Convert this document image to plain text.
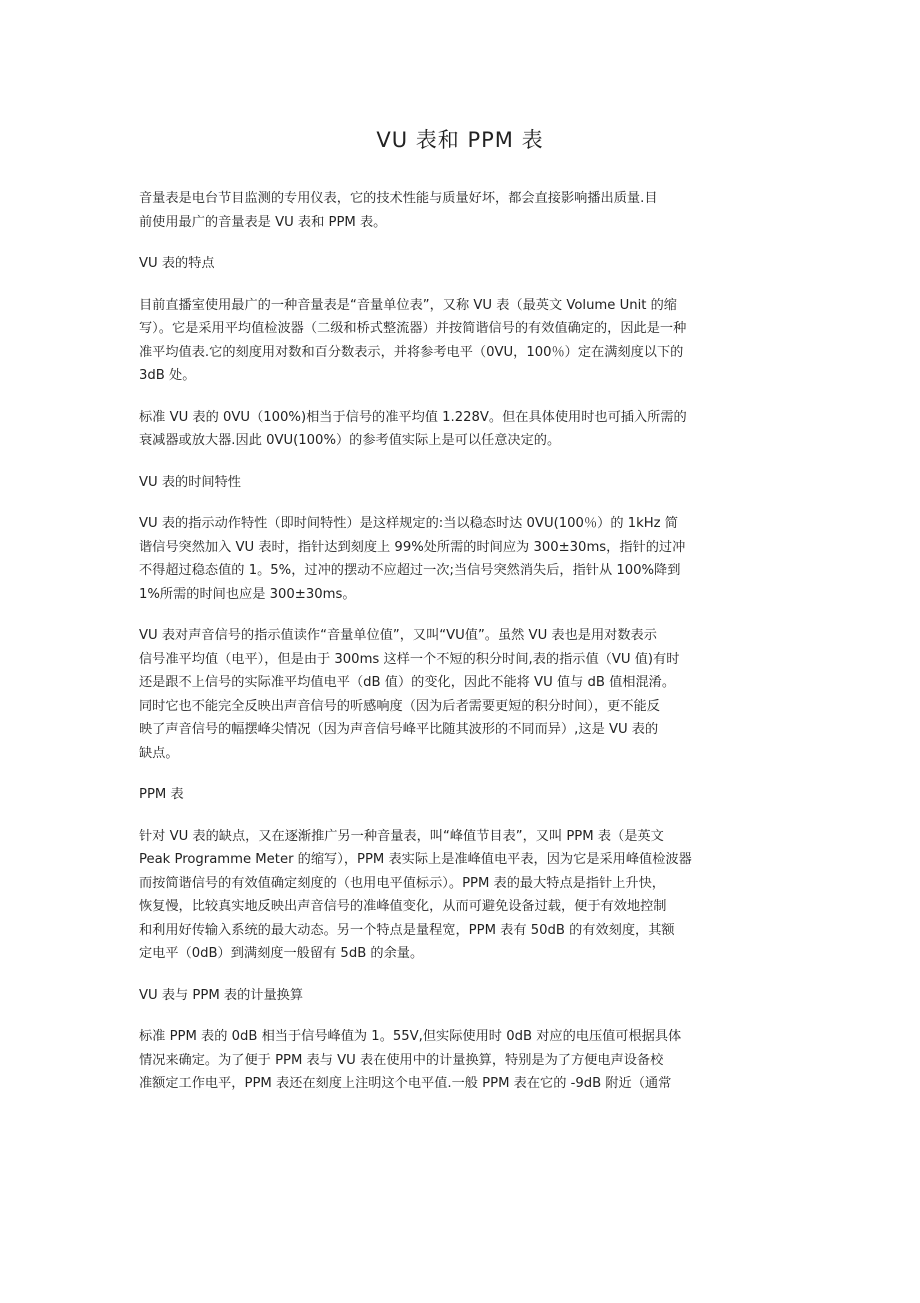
VU 表和 PPM 表
音量表是电台节目监测的专用仪表，它的技术性能与质量好坏，都会直接影响播出质量.目
前使用最广的音量表是 VU 表和 PPM 表。
VU 表的特点
目前直播室使用最广的一种音量表是“音量单位表”，又称 VU 表（最英文 Volume Unit 的缩
写）。它是采用平均值检波器（二级和桥式整流器）并按简谐信号的有效值确定的，因此是一种
准平均值表.它的刻度用对数和百分数表示，并将参考电平（0VU，100％）定在满刻度以下的
3dB 处。
标准 VU 表的 0VU（100%)相当于信号的准平均值 1.228V。但在具体使用时也可插入所需的
衰减器或放大器.因此 0VU(100%）的参考值实际上是可以任意决定的。
VU 表的时间特性
VU 表的指示动作特性（即时间特性）是这样规定的:当以稳态时达 0VU(100％）的 1kHz 简
谐信号突然加入 VU 表时，指针达到刻度上 99%处所需的时间应为 300±30ms，指针的过冲
不得超过稳态值的 1。5%，过冲的摆动不应超过一次;当信号突然消失后，指针从 100%降到
1%所需的时间也应是 300±30ms。
VU 表对声音信号的指示值读作“音量单位值”，又叫“VU值”。虽然 VU 表也是用对数表示
信号准平均值（电平），但是由于 300ms 这样一个不短的积分时间,表的指示值（VU 值)有时
还是跟不上信号的实际准平均值电平（dB 值）的变化，因此不能将 VU 值与 dB 值相混淆。
同时它也不能完全反映出声音信号的听感响度（因为后者需要更短的积分时间），更不能反
映了声音信号的幅摆峰尖情况（因为声音信号峰平比随其波形的不同而异）,这是 VU 表的
缺点。
PPM 表
针对 VU 表的缺点，又在逐渐推广另一种音量表，叫“峰值节目表”，又叫 PPM 表（是英文
Peak Programme Meter 的缩写），PPM 表实际上是准峰值电平表，因为它是采用峰值检波器
而按简谐信号的有效值确定刻度的（也用电平值标示）。PPM 表的最大特点是指针上升快，
恢复慢，比较真实地反映出声音信号的准峰值变化，从而可避免设备过载，便于有效地控制
和利用好传输入系统的最大动态。另一个特点是量程宽，PPM 表有 50dB 的有效刻度，其额
定电平（0dB）到满刻度一般留有 5dB 的余量。
VU 表与 PPM 表的计量换算
标准 PPM 表的 0dB 相当于信号峰值为 1。55V,但实际使用时 0dB 对应的电压值可根据具体
情况来确定。为了便于 PPM 表与 VU 表在使用中的计量换算，特别是为了方便电声设备校
准额定工作电平，PPM 表还在刻度上注明这个电平值.一般 PPM 表在它的 -9dB 附近（通常
